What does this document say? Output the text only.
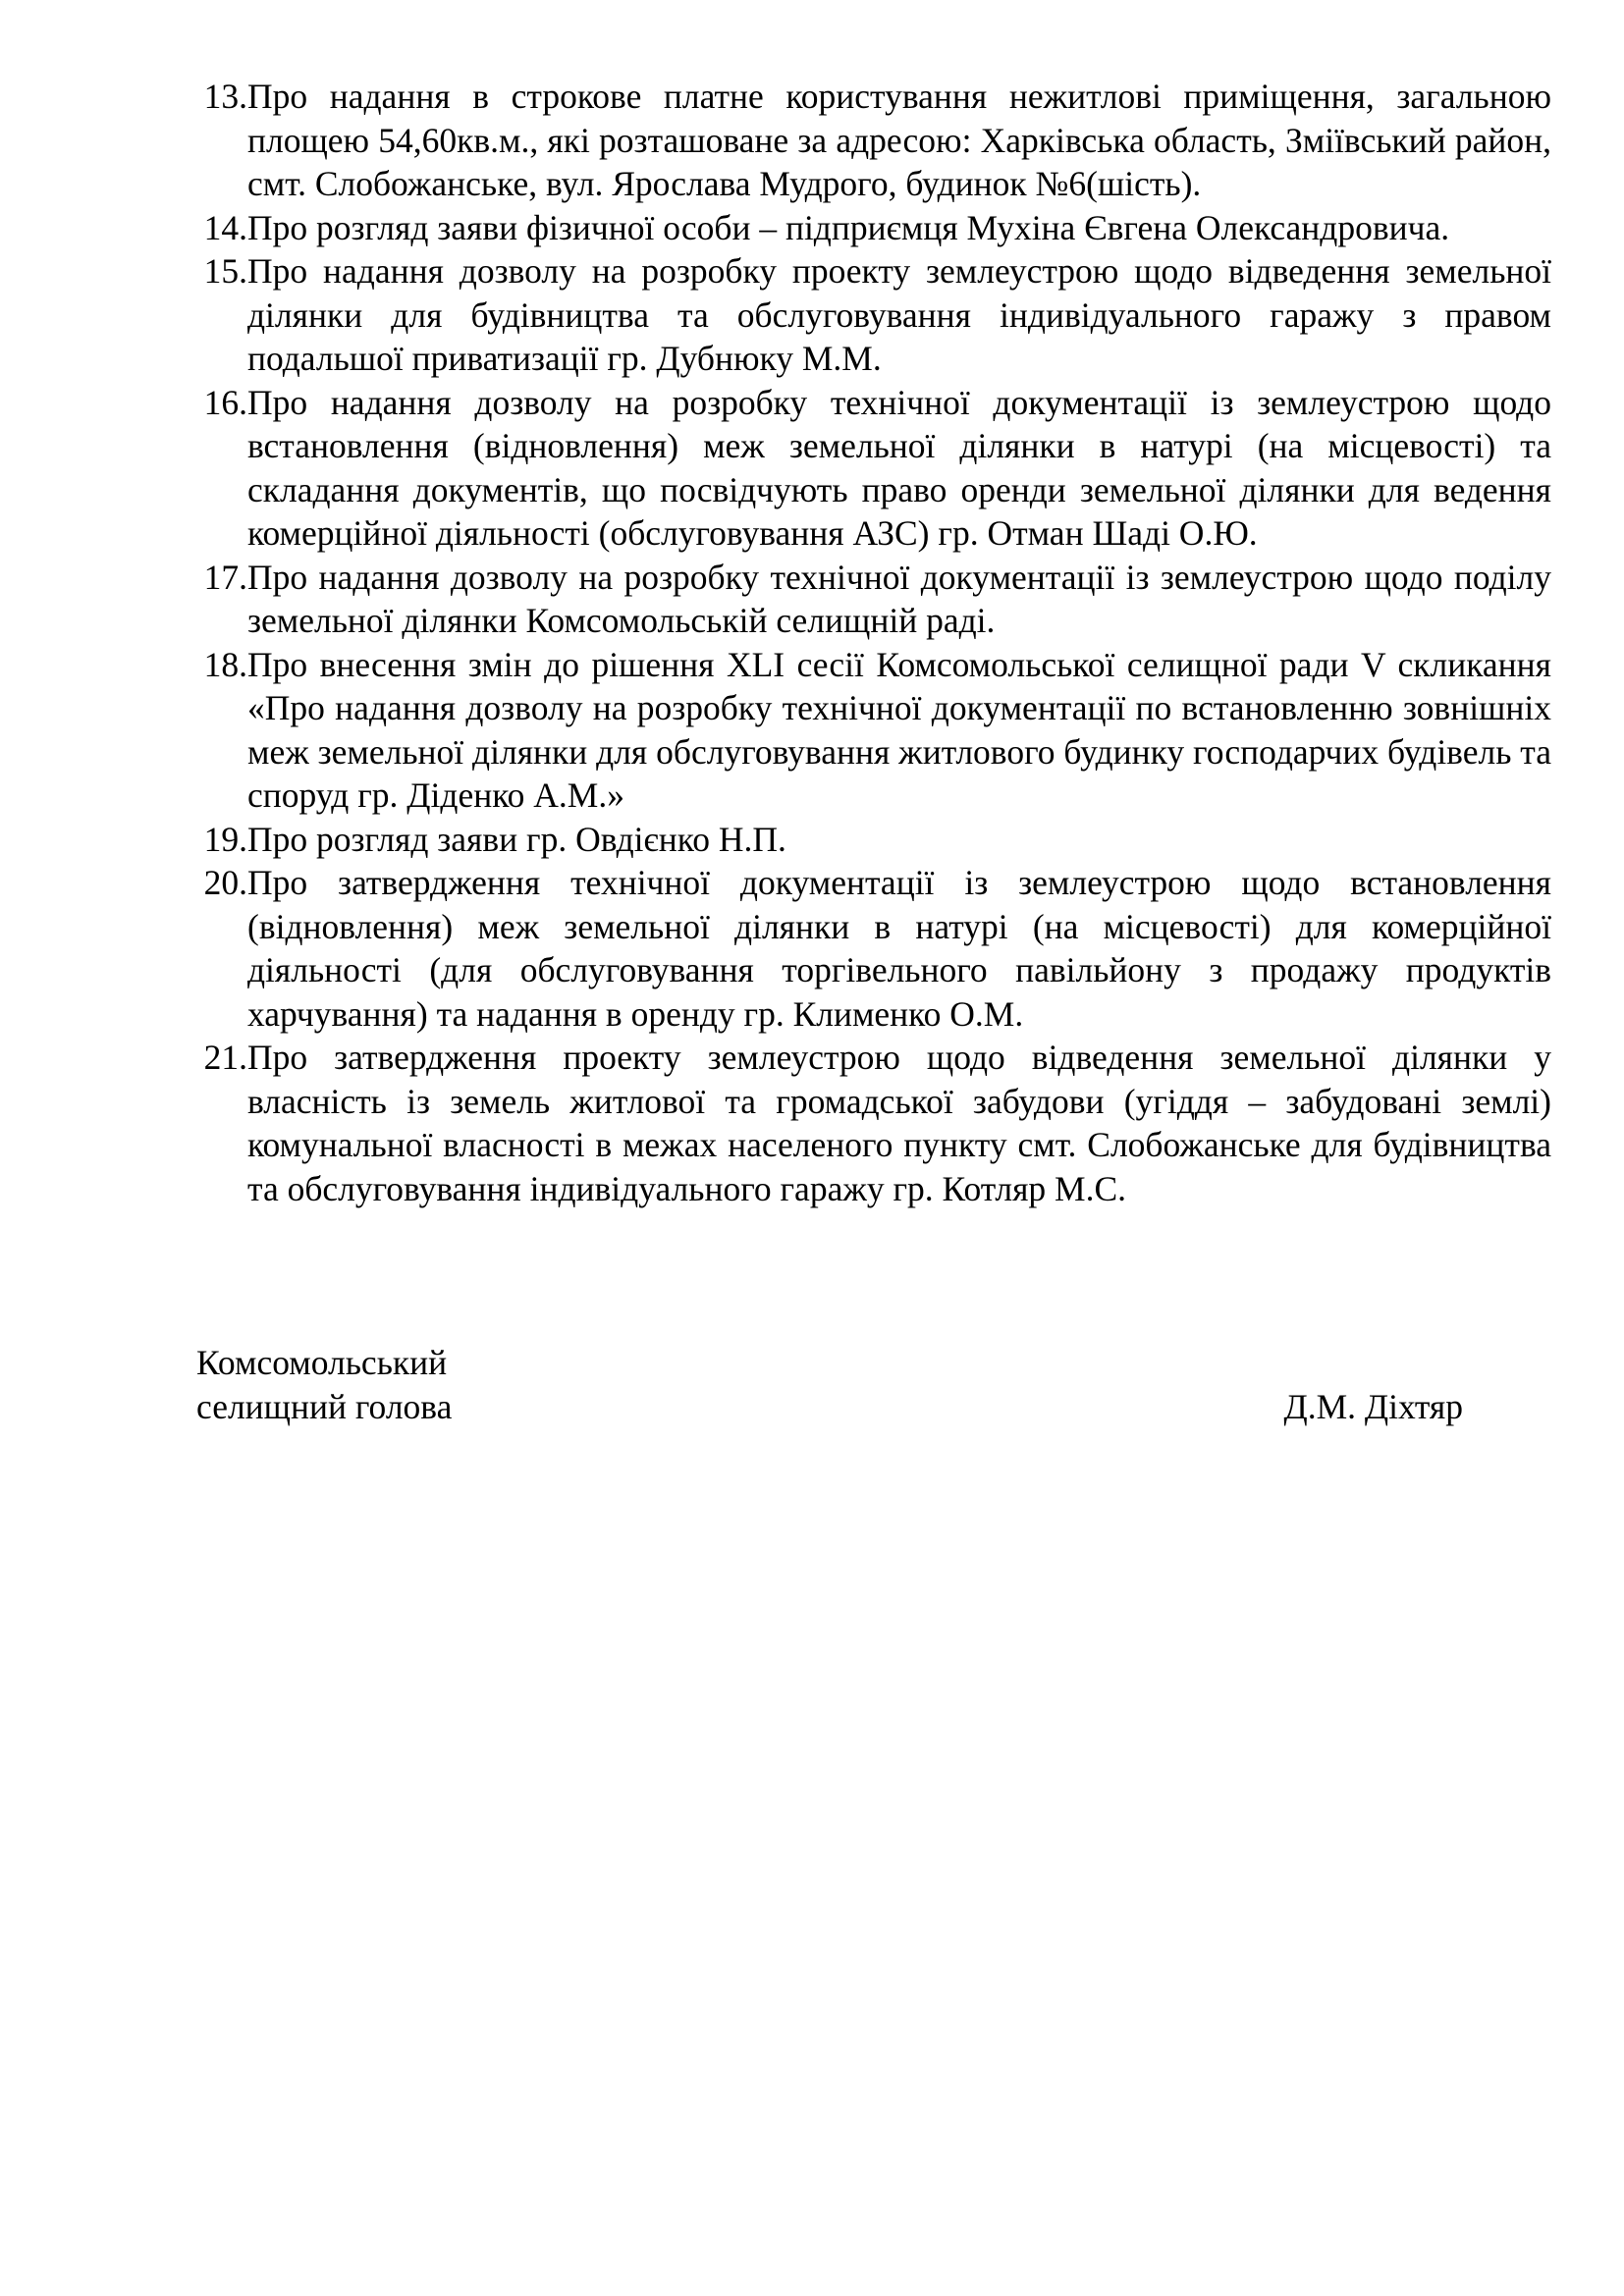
13. Про надання в строкове платне користування нежитлові приміщення, загальною площею 54,60кв.м., які розташоване за адресою: Харківська область, Зміївський район, смт. Слобожанське, вул. Ярослава Мудрого, будинок №6(шість).
14. Про розгляд заяви фізичної особи – підприємця Мухіна Євгена Олександровича.
15. Про надання дозволу на розробку проекту землеустрою щодо відведення земельної ділянки для будівництва та обслуговування індивідуального гаражу з правом подальшої приватизації гр. Дубнюку М.М.
16. Про надання дозволу на розробку технічної документації із землеустрою щодо встановлення (відновлення) меж земельної ділянки в натурі (на місцевості) та складання документів, що посвідчують право оренди земельної ділянки для ведення комерційної діяльності (обслуговування АЗС) гр. Отман Шаді О.Ю.
17. Про надання дозволу на розробку технічної документації із землеустрою щодо поділу земельної ділянки Комсомольській селищній раді.
18. Про внесення змін до рішення XLI сесії Комсомольської селищної ради V скликання «Про надання дозволу на розробку технічної документації по встановленню зовнішніх меж земельної ділянки для обслуговування житлового будинку господарчих будівель та споруд гр. Діденко А.М.»
19. Про розгляд заяви гр. Овдієнко Н.П.
20. Про затвердження технічної документації із землеустрою щодо встановлення (відновлення) меж земельної ділянки в натурі (на місцевості) для комерційної діяльності (для обслуговування торгівельного павільйону з продажу продуктів харчування) та надання в оренду гр. Клименко О.М.
21. Про затвердження проекту землеустрою щодо відведення земельної ділянки у власність із земель житлової та громадської забудови (угіддя – забудовані землі) комунальної власності в межах населеного пункту смт. Слобожанське для будівництва та обслуговування індивідуального гаражу гр. Котляр М.С.
Комсомольський
селищний голова	Д.М. Діхтяр
